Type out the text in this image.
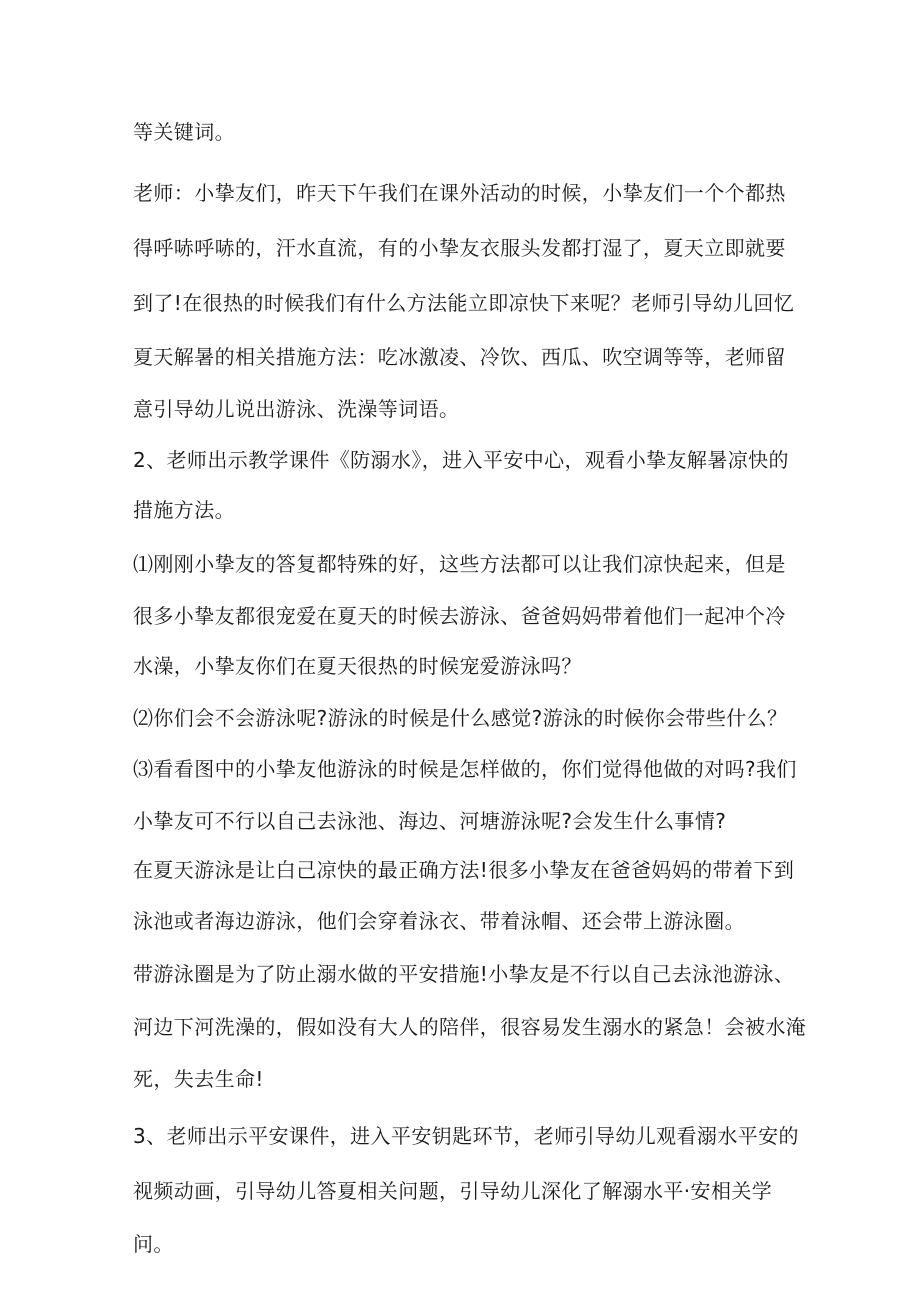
等关键词。

老师：小挚友们，昨天下午我们在课外活动的时候，小挚友们一个个都热

得呼哧呼哧的，汗水直流，有的小挚友衣服头发都打湿了，夏天立即就要

到了!在很热的时候我们有什么方法能立即凉快下来呢？老师引导幼儿回忆

夏天解暑的相关措施方法：吃冰激凌、冷饮、西瓜、吹空调等等，老师留

意引导幼儿说出游泳、洗澡等词语。

2、老师出示教学课件《防溺水》，进入平安中心，观看小挚友解暑凉快的

措施方法。

⑴刚刚小挚友的答复都特殊的好，这些方法都可以让我们凉快起来，但是

很多小挚友都很宠爱在夏天的时候去游泳、爸爸妈妈带着他们一起冲个冷

水澡，小挚友你们在夏天很热的时候宠爱游泳吗？

⑵你们会不会游泳呢?游泳的时候是什么感觉?游泳的时候你会带些什么？

⑶看看图中的小挚友他游泳的时候是怎样做的，你们觉得他做的对吗?我们

小挚友可不行以自己去泳池、海边、河塘游泳呢?会发生什么事情?

在夏天游泳是让白己凉快的最正确方法!很多小挚友在爸爸妈妈的带着下到

泳池或者海边游泳，他们会穿着泳衣、带着泳帽、还会带上游泳圈。

带游泳圈是为了防止溺水做的平安措施!小挚友是不行以自己去泳池游泳、

河边下河洗澡的，假如没有大人的陪伴，很容易发生溺水的紧急！会被水淹

死，失去生命!

3、老师出示平安课件，进入平安钥匙环节，老师引导幼儿观看溺水平安的

视频动画，引导幼儿答夏相关问题，引导幼儿深化了解溺水平·安相关学

问。
